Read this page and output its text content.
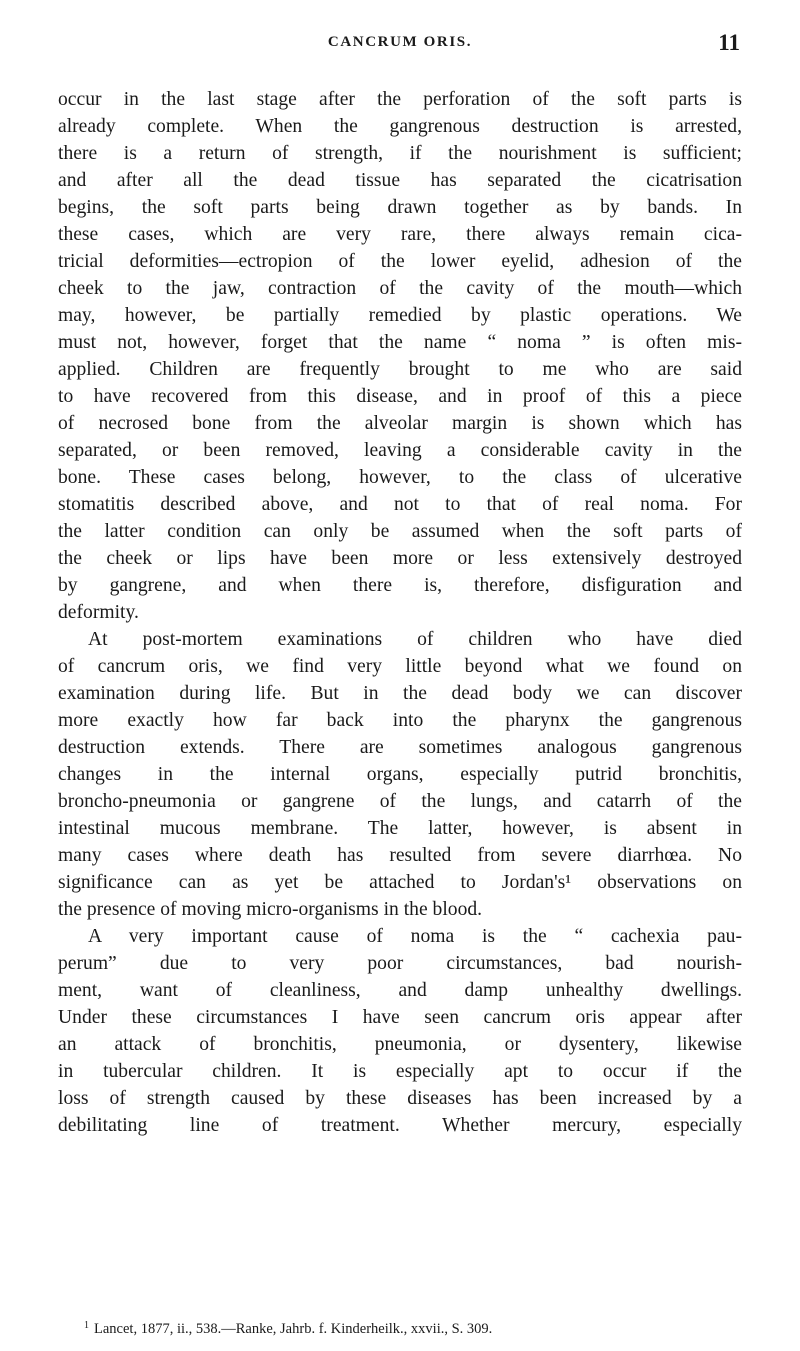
CANCRUM ORIS.	11
occur in the last stage after the perforation of the soft parts is
already complete. When the gangrenous destruction is arrested,
there is a return of strength, if the nourishment is sufficient;
and after all the dead tissue has separated the cicatrisation
begins, the soft parts being drawn together as by bands. In
these cases, which are very rare, there always remain cica-
tricial deformities—ectropion of the lower eyelid, adhesion of the
cheek to the jaw, contraction of the cavity of the mouth—which
may, however, be partially remedied by plastic operations. We
must not, however, forget that the name “ noma ” is often mis-
applied. Children are frequently brought to me who are said
to have recovered from this disease, and in proof of this a piece
of necrosed bone from the alveolar margin is shown which has
separated, or been removed, leaving a considerable cavity in the
bone. These cases belong, however, to the class of ulcerative
stomatitis described above, and not to that of real noma. For
the latter condition can only be assumed when the soft parts of
the cheek or lips have been more or less extensively destroyed
by gangrene, and when there is, therefore, disfiguration and
deformity.
At post-mortem examinations of children who have died
of cancrum oris, we find very little beyond what we found on
examination during life. But in the dead body we can discover
more exactly how far back into the pharynx the gangrenous
destruction extends. There are sometimes analogous gangrenous
changes in the internal organs, especially putrid bronchitis,
broncho-pneumonia or gangrene of the lungs, and catarrh of the
intestinal mucous membrane. The latter, however, is absent in
many cases where death has resulted from severe diarrhœa. No
significance can as yet be attached to Jordan's¹ observations on
the presence of moving micro-organisms in the blood.
A very important cause of noma is the “ cachexia pau-
perum” due to very poor circumstances, bad nourish-
ment, want of cleanliness, and damp unhealthy dwellings.
Under these circumstances I have seen cancrum oris appear after
an attack of bronchitis, pneumonia, or dysentery, likewise
in tubercular children. It is especially apt to occur if the
loss of strength caused by these diseases has been increased by a
debilitating line of treatment. Whether mercury, especially
$^1$ Lancet, 1877, ii., 538.—Ranke, Jahrb. f. Kinderheilk., xxvii., S. 309.
